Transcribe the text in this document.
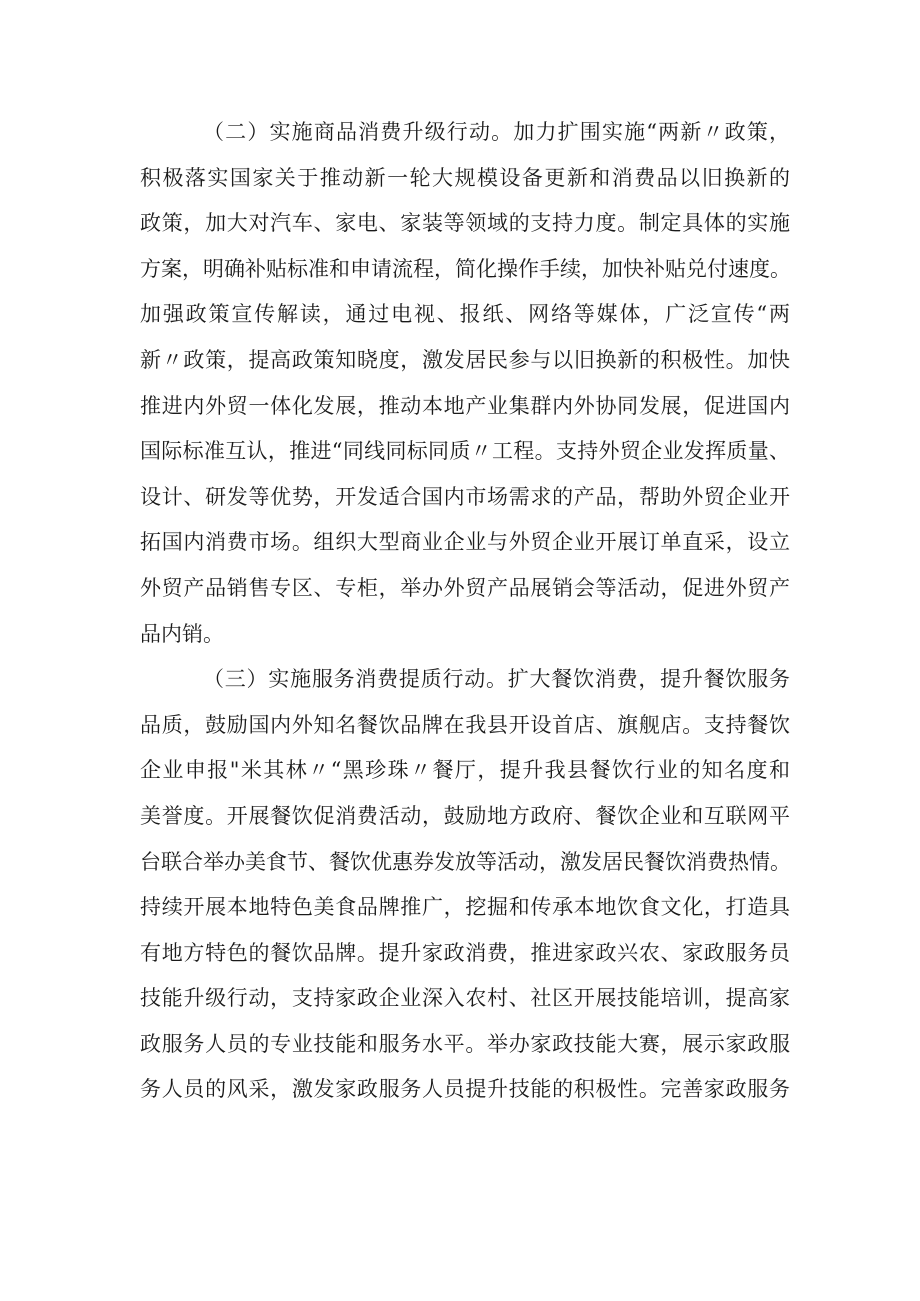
（二）实施商品消费升级行动。加力扩围实施“两新〃政策，
积极落实国家关于推动新一轮大规模设备更新和消费品以旧换新的
政策，加大对汽车、家电、家装等领域的支持力度。制定具体的实施
方案，明确补贴标准和申请流程，简化操作手续，加快补贴兑付速度。
加强政策宣传解读，通过电视、报纸、网络等媒体，广泛宣传“两
新〃政策，提高政策知晓度，激发居民参与以旧换新的积极性。加快
推进内外贸一体化发展，推动本地产业集群内外协同发展，促进国内
国际标准互认，推进“同线同标同质〃工程。支持外贸企业发挥质量、
设计、研发等优势，开发适合国内市场需求的产品，帮助外贸企业开
拓国内消费市场。组织大型商业企业与外贸企业开展订单直采，设立
外贸产品销售专区、专柜，举办外贸产品展销会等活动，促进外贸产
品内销。
（三）实施服务消费提质行动。扩大餐饮消费，提升餐饮服务
品质，鼓励国内外知名餐饮品牌在我县开设首店、旗舰店。支持餐饮
企业申报"米其林〃“黑珍珠〃餐厅，提升我县餐饮行业的知名度和
美誉度。开展餐饮促消费活动，鼓励地方政府、餐饮企业和互联网平
台联合举办美食节、餐饮优惠券发放等活动，激发居民餐饮消费热情。
持续开展本地特色美食品牌推广，挖掘和传承本地饮食文化，打造具
有地方特色的餐饮品牌。提升家政消费，推进家政兴农、家政服务员
技能升级行动，支持家政企业深入农村、社区开展技能培训，提高家
政服务人员的专业技能和服务水平。举办家政技能大赛，展示家政服
务人员的风采，激发家政服务人员提升技能的积极性。完善家政服务
